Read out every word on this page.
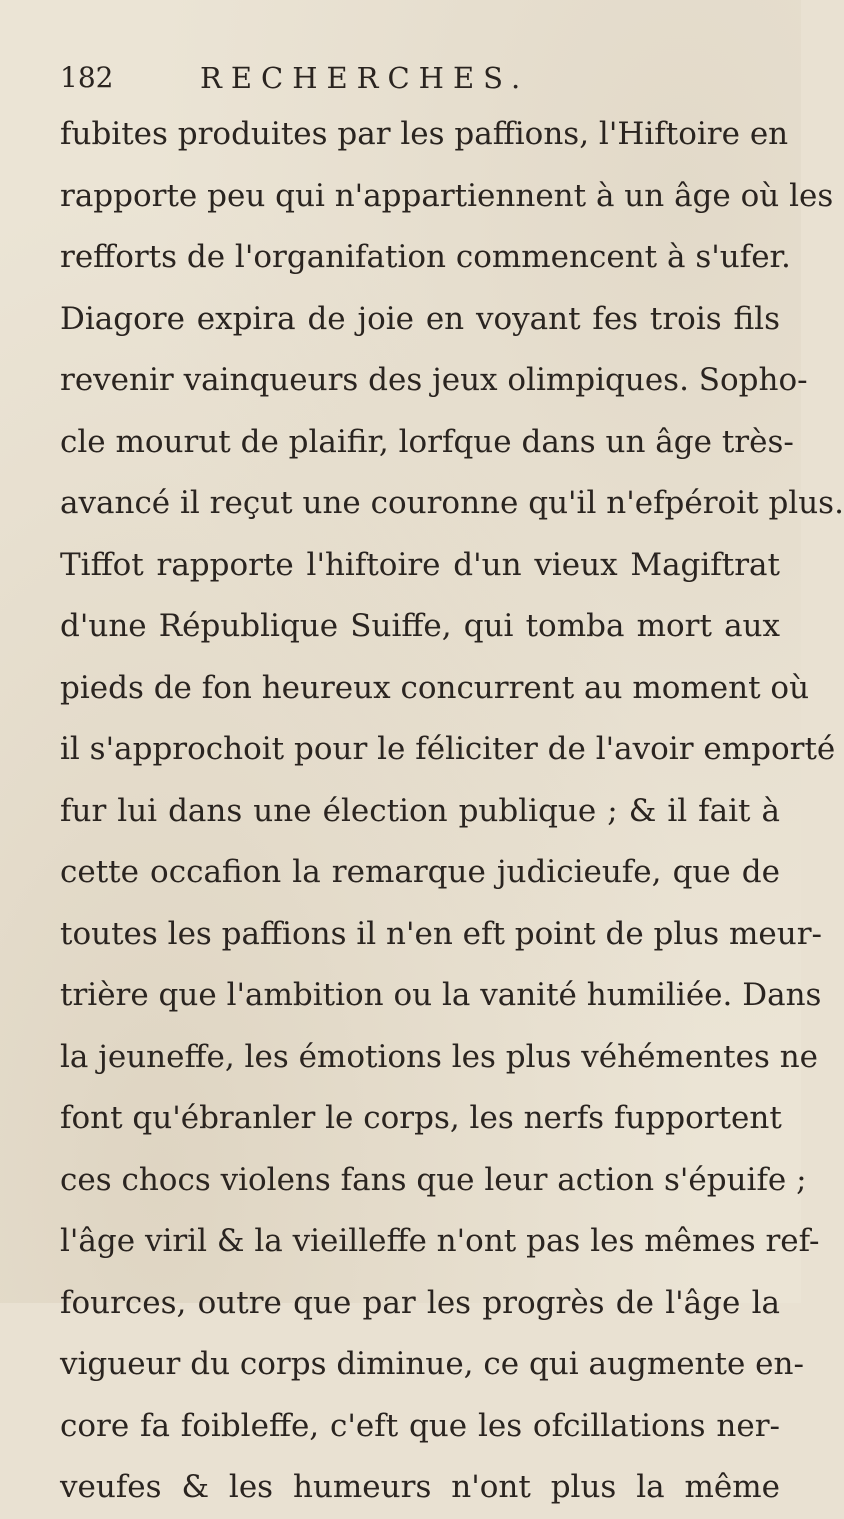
182	RECHERCHES.
fubites produites par les paffions, l'Hiftoire en
rapporte peu qui n'appartiennent à un âge où les
refforts de l'organifation commencent à s'ufer.
Diagore expira de joie en voyant fes trois fils
revenir vainqueurs des jeux olimpiques. Sopho-
cle mourut de plaifir, lorfque dans un âge très-
avancé il reçut une couronne qu'il n'efpéroit plus.
Tiffot rapporte l'hiftoire d'un vieux Magiftrat
d'une République Suiffe, qui tomba mort aux
pieds de fon heureux concurrent au moment où
il s'approchoit pour le féliciter de l'avoir emporté
fur lui dans une élection publique ; & il fait à
cette occafion la remarque judicieufe, que de
toutes les paffions il n'en eft point de plus meur-
trière que l'ambition ou la vanité humiliée. Dans
la jeuneffe, les émotions les plus véhémentes ne
font qu'ébranler le corps, les nerfs fupportent
ces chocs violens fans que leur action s'épuife ;
l'âge viril & la vieilleffe n'ont pas les mêmes ref-
fources, outre que par les progrès de l'âge la
vigueur du corps diminue, ce qui augmente en-
core fa foibleffe, c'eft que les ofcillations ner-
veufes & les humeurs n'ont plus la même
